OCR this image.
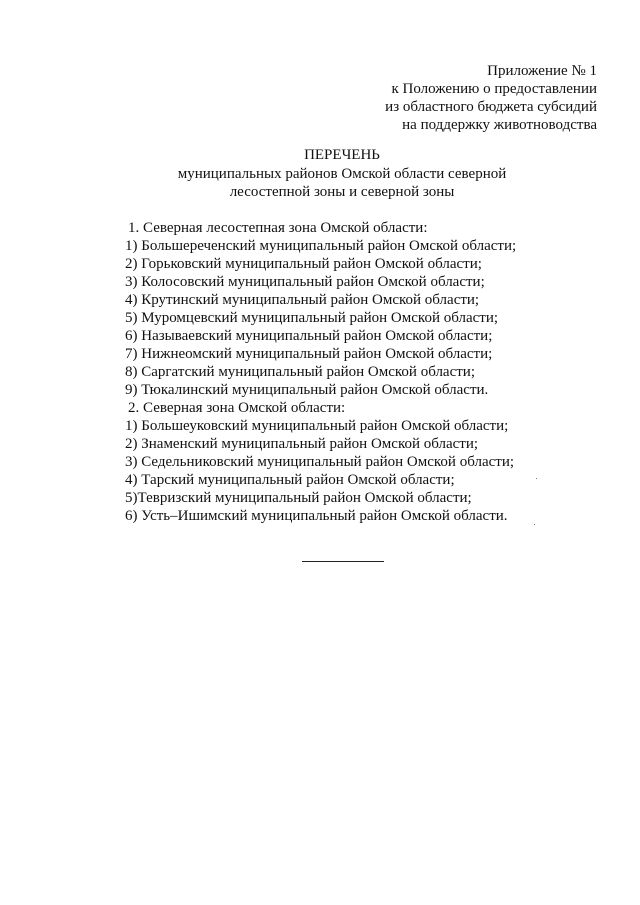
Приложение № 1
к Положению о предоставлении
из областного бюджета субсидий
на поддержку животноводства
ПЕРЕЧЕНЬ
муниципальных районов Омской области северной
лесостепной зоны и северной зоны
1. Северная лесостепная зона Омской области:
1) Большереченский муниципальный район Омской области;
2) Горьковский муниципальный район Омской области;
3) Колосовский муниципальный район Омской области;
4) Крутинский муниципальный район Омской области;
5) Муромцевский муниципальный район Омской области;
6) Называевский муниципальный район Омской области;
7) Нижнеомский муниципальный район Омской области;
8) Саргатский муниципальный район Омской области;
9) Тюкалинский муниципальный район Омской области.
2. Северная зона Омской области:
1) Большеуковский муниципальный район Омской области;
2) Знаменский муниципальный район Омской области;
3) Седельниковский муниципальный район Омской области;
4) Тарский муниципальный район Омской области;
5)Тевризский муниципальный район Омской области;
6) Усть–Ишимский муниципальный район Омской области.
